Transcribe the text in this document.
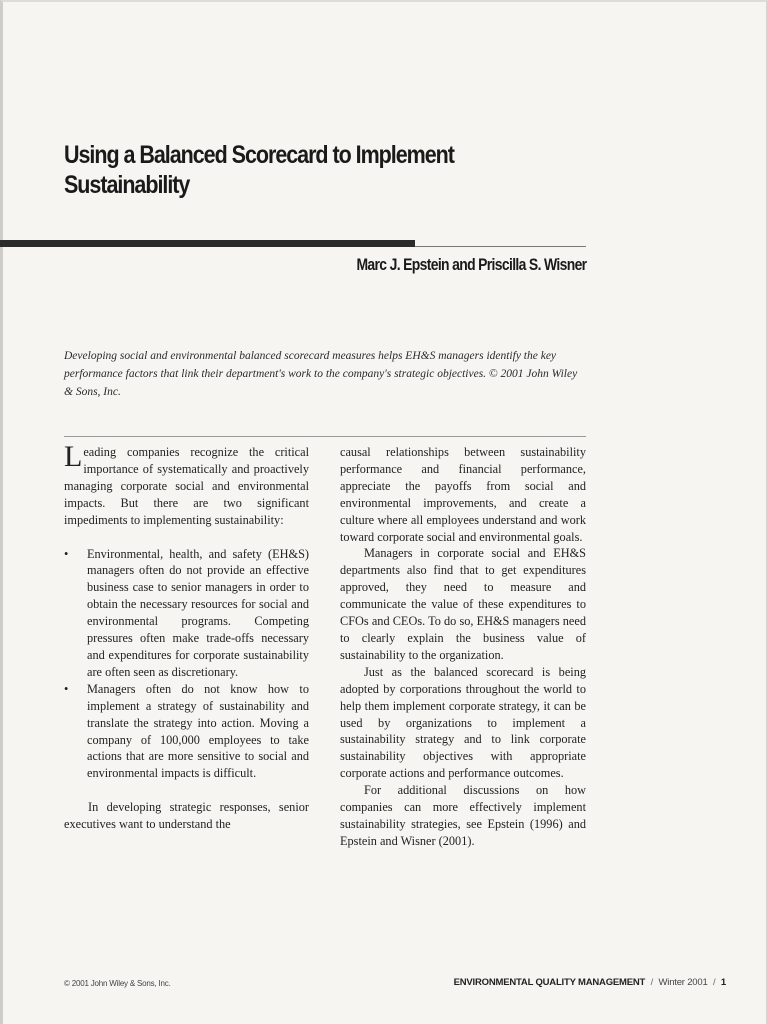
Using a Balanced Scorecard to Implement
Sustainability
Marc J. Epstein and Priscilla S. Wisner

Developing social and environmental balanced scorecard measures helps EH&S managers identify the key performance factors that link their department's work to the company's strategic objectives. © 2001 John Wiley & Sons, Inc.

Leading companies recognize the critical importance of systematically and proactively managing corporate social and environmental impacts. But there are two significant impediments to implementing sustainability:

• Environmental, health, and safety (EH&S) managers often do not provide an effective business case to senior managers in order to obtain the necessary resources for social and environmental programs. Competing pressures often make trade-offs necessary and expenditures for corporate sustainability are often seen as discretionary.
• Managers often do not know how to implement a strategy of sustainability and translate the strategy into action. Moving a company of 100,000 employees to take actions that are more sensitive to social and environmental impacts is difficult.

In developing strategic responses, senior executives want to understand the

causal relationships between sustainability performance and financial performance, appreciate the payoffs from social and environmental improvements, and create a culture where all employees understand and work toward corporate social and environmental goals.

Managers in corporate social and EH&S departments also find that to get expenditures approved, they need to measure and communicate the value of these expenditures to CFOs and CEOs. To do so, EH&S managers need to clearly explain the business value of sustainability to the organization.

Just as the balanced scorecard is being adopted by corporations throughout the world to help them implement corporate strategy, it can be used by organizations to implement a sustainability strategy and to link corporate sustainability objectives with appropriate corporate actions and performance outcomes.

For additional discussions on how companies can more effectively implement sustainability strategies, see Epstein (1996) and Epstein and Wisner (2001).

© 2001 John Wiley & Sons, Inc.	ENVIRONMENTAL QUALITY MANAGEMENT / Winter 2001 / 1
